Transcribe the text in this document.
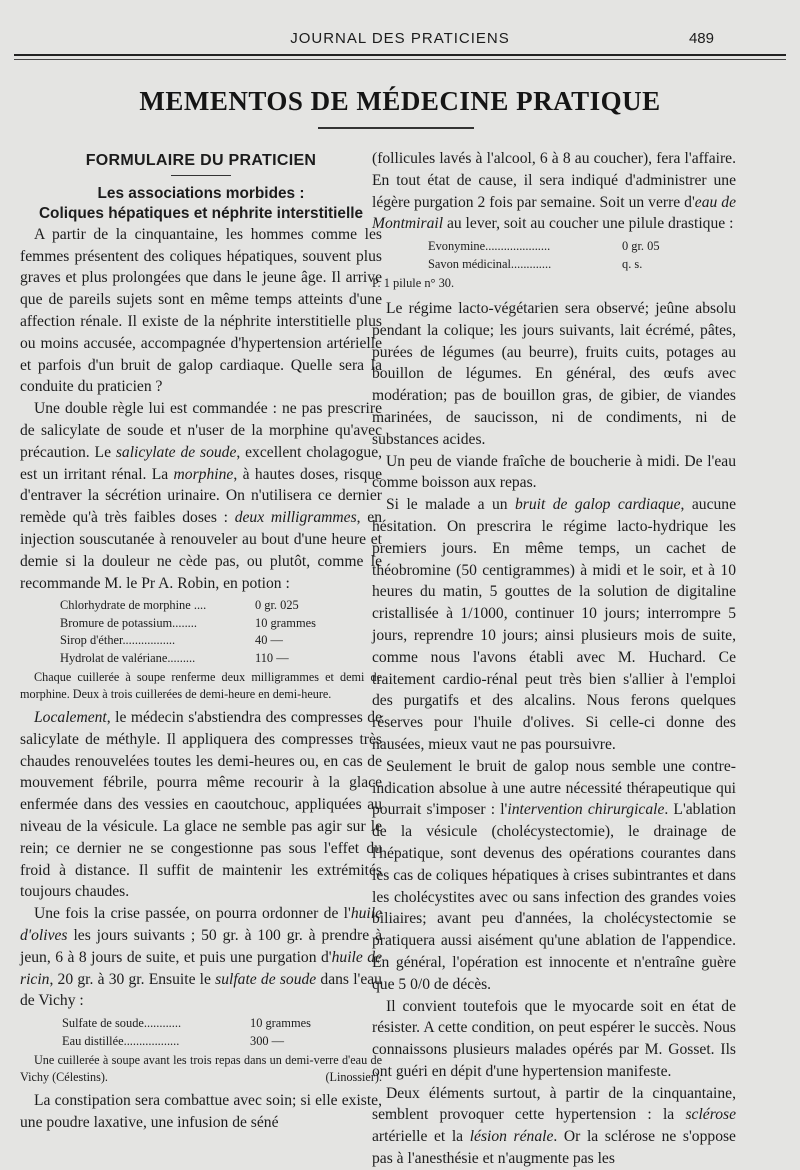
JOURNAL DES PRATICIENS	489
MEMENTOS DE MÉDECINE PRATIQUE
FORMULAIRE DU PRATICIEN
Les associations morbides :
Coliques hépatiques et néphrite interstitielle

A partir de la cinquantaine, les hommes comme les femmes présentent des coliques hépatiques, souvent plus graves et plus prolongées que dans le jeune âge. Il arrive que de pareils sujets sont en même temps atteints d'une affection rénale. Il existe de la néphrite interstitielle plus ou moins accusée, accompagnée d'hypertension artérielle et parfois d'un bruit de galop cardiaque. Quelle sera la conduite du praticien ?

Une double règle lui est commandée : ne pas prescrire de salicylate de soude et n'user de la morphine qu'avec précaution. Le salicylate de soude, excellent cholagogue, est un irritant rénal. La morphine, à hautes doses, risque d'entraver la sécrétion urinaire. On n'utilisera ce dernier remède qu'à très faibles doses : deux milligrammes, en injection souscutanée à renouveler au bout d'une heure et demie si la douleur ne cède pas, ou plutôt, comme le recommande M. le Pr A. Robin, en potion :

Chlorhydrate de morphine ....	0 gr. 025
Bromure de potassium........	10 grammes
Sirop d'éther.................	40 —
Hydrolat de valériane.........	110 —
Chaque cuillerée à soupe renferme deux milligrammes et demi de morphine. Deux à trois cuillerées de demi-heure en demi-heure.

Localement, le médecin s'abstiendra des compresses de salicylate de méthyle. Il appliquera des compresses très chaudes renouvelées toutes les demi-heures ou, en cas de mouvement fébrile, pourra même recourir à la glace enfermée dans des vessies en caoutchouc, appliquées au niveau de la vésicule. La glace ne semble pas agir sur le rein; ce dernier ne se congestionne pas sous l'effet du froid à distance. Il suffit de maintenir les extrémités toujours chaudes.

Une fois la crise passée, on pourra ordonner de l'huile d'olives les jours suivants ; 50 gr. à 100 gr. à prendre à jeun, 6 à 8 jours de suite, et puis une purgation d'huile de ricin, 20 gr. à 30 gr. Ensuite le sulfate de soude dans l'eau de Vichy :

Sulfate de soude............	10 grammes
Eau distillée..................	300 —
Une cuillerée à soupe avant les trois repas dans un demi-verre d'eau de Vichy (Célestins).	(Linossier).

La constipation sera combattue avec soin; si elle existe, une poudre laxative, une infusion de séné

(follicules lavés à l'alcool, 6 à 8 au coucher), fera l'affaire. En tout état de cause, il sera indiqué d'administrer une légère purgation 2 fois par semaine. Soit un verre d'eau de Montmirail au lever, soit au coucher une pilule drastique :

Evonymine.....................	0 gr. 05
Savon médicinal.............	q. s.
P. 1 pilule n° 30.

Le régime lacto-végétarien sera observé; jeûne absolu pendant la colique; les jours suivants, lait écrémé, pâtes, purées de légumes (au beurre), fruits cuits, potages au bouillon de légumes. En général, des œufs avec modération; pas de bouillon gras, de gibier, de viandes marinées, de saucisson, ni de condiments, ni de substances acides.

Un peu de viande fraîche de boucherie à midi. De l'eau comme boisson aux repas.

Si le malade a un bruit de galop cardiaque, aucune hésitation. On prescrira le régime lacto-hydrique les premiers jours. En même temps, un cachet de théobromine (50 centigrammes) à midi et le soir, et à 10 heures du matin, 5 gouttes de la solution de digitaline cristallisée à 1/1000, continuer 10 jours; interrompre 5 jours, reprendre 10 jours; ainsi plusieurs mois de suite, comme nous l'avons établi avec M. Huchard. Ce traitement cardio-rénal peut très bien s'allier à l'emploi des purgatifs et des alcalins. Nous ferons quelques réserves pour l'huile d'olives. Si celle-ci donne des nausées, mieux vaut ne pas poursuivre.

Seulement le bruit de galop nous semble une contre-indication absolue à une autre nécessité thérapeutique qui pourrait s'imposer : l'intervention chirurgicale. L'ablation de la vésicule (cholécystectomie), le drainage de l'hépatique, sont devenus des opérations courantes dans les cas de coliques hépatiques à crises subintrantes et dans les cholécystites avec ou sans infection des grandes voies biliaires; avant peu d'années, la cholécystectomie se pratiquera aussi aisément qu'une ablation de l'appendice. En général, l'opération est innocente et n'entraîne guère que 5 0/0 de décès.

Il convient toutefois que le myocarde soit en état de résister. A cette condition, on peut espérer le succès. Nous connaissons plusieurs malades opérés par M. Gosset. Ils ont guéri en dépit d'une hypertension manifeste.

Deux éléments surtout, à partir de la cinquantaine, semblent provoquer cette hypertension : la sclérose artérielle et la lésion rénale. Or la sclérose ne s'oppose pas à l'anesthésie et n'augmente pas les
